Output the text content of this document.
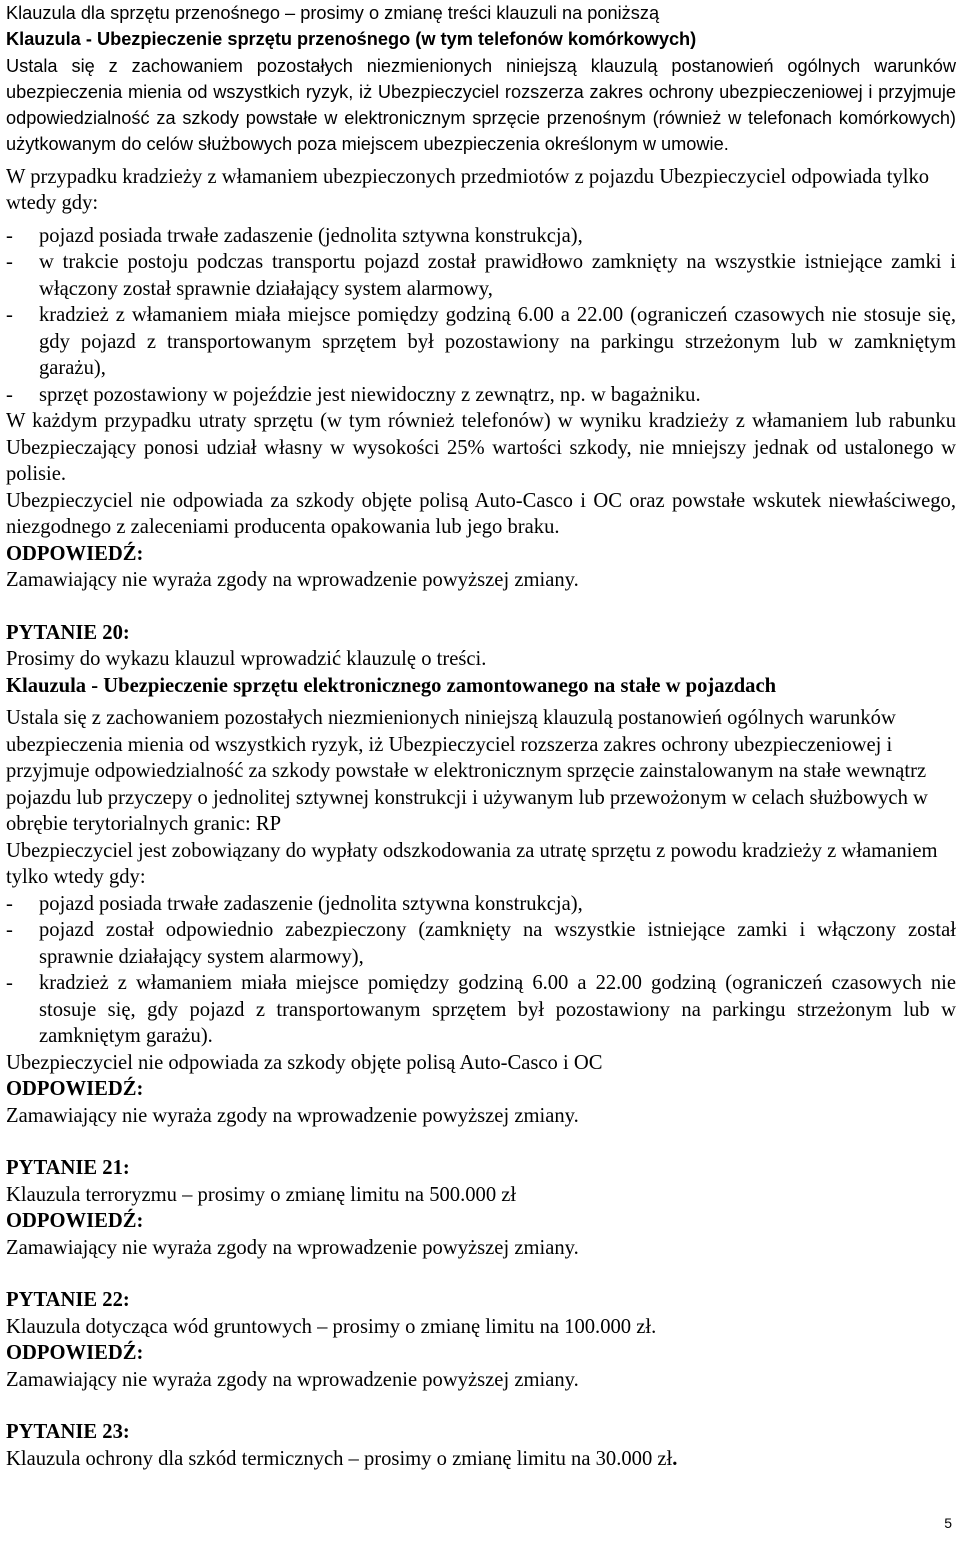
Klauzula dla sprzętu przenośnego – prosimy o zmianę treści klauzuli na poniższą

Klauzula - Ubezpieczenie sprzętu przenośnego (w tym telefonów komórkowych)

Ustala się z zachowaniem pozostałych niezmienionych niniejszą klauzulą postanowień ogólnych warunków ubezpieczenia mienia od wszystkich ryzyk, iż Ubezpieczyciel rozszerza zakres ochrony ubezpieczeniowej i przyjmuje odpowiedzialność za szkody powstałe w elektronicznym sprzęcie przenośnym (również w telefonach komórkowych) użytkowanym do celów służbowych poza miejscem ubezpieczenia określonym w umowie.

W przypadku kradzieży z włamaniem ubezpieczonych przedmiotów z pojazdu Ubezpieczyciel odpowiada tylko wtedy gdy:

- pojazd posiada trwałe zadaszenie (jednolita sztywna konstrukcja),

- w trakcie postoju podczas transportu pojazd został prawidłowo zamknięty na wszystkie istniejące zamki i włączony został sprawnie działający system alarmowy,

- kradzież z włamaniem miała miejsce pomiędzy godziną 6.00 a 22.00 (ograniczeń czasowych nie stosuje się, gdy pojazd z transportowanym sprzętem był pozostawiony na parkingu strzeżonym lub w zamkniętym garażu),

- sprzęt pozostawiony w pojeździe jest niewidoczny z zewnątrz, np. w bagażniku.

W każdym przypadku utraty sprzętu (w tym również telefonów) w wyniku kradzieży z włamaniem lub rabunku Ubezpieczający ponosi udział własny w wysokości 25% wartości szkody, nie mniejszy jednak od ustalonego w polisie.

Ubezpieczyciel nie odpowiada za szkody objęte polisą Auto-Casco i OC oraz powstałe wskutek niewłaściwego, niezgodnego z zaleceniami producenta opakowania lub jego braku.

ODPOWIEDŹ:

Zamawiający nie wyraża zgody na wprowadzenie powyższej zmiany.

PYTANIE 20:

Prosimy do wykazu klauzul wprowadzić klauzulę o treści.

Klauzula - Ubezpieczenie sprzętu elektronicznego zamontowanego na stałe w pojazdach

Ustala się z zachowaniem pozostałych niezmienionych niniejszą klauzulą postanowień ogólnych warunków ubezpieczenia mienia od wszystkich ryzyk, iż Ubezpieczyciel rozszerza zakres ochrony ubezpieczeniowej i przyjmuje odpowiedzialność za szkody powstałe w elektronicznym sprzęcie zainstalowanym na stałe wewnątrz pojazdu lub przyczepy o jednolitej sztywnej konstrukcji i używanym lub przewożonym w celach służbowych w obrębie terytorialnych granic: RP

Ubezpieczyciel jest zobowiązany do wypłaty odszkodowania za utratę sprzętu z powodu kradzieży z włamaniem tylko wtedy gdy:

- pojazd posiada trwałe zadaszenie (jednolita sztywna konstrukcja),

- pojazd został odpowiednio zabezpieczony (zamknięty na wszystkie istniejące zamki i włączony został sprawnie działający system alarmowy),

- kradzież z włamaniem miała miejsce pomiędzy godziną 6.00 a 22.00 godziną (ograniczeń czasowych nie stosuje się, gdy pojazd z transportowanym sprzętem był pozostawiony na parkingu strzeżonym lub w zamkniętym garażu).

Ubezpieczyciel nie odpowiada za szkody objęte polisą Auto-Casco i OC

ODPOWIEDŹ:

Zamawiający nie wyraża zgody na wprowadzenie powyższej zmiany.

PYTANIE 21:

Klauzula terroryzmu – prosimy o zmianę limitu na 500.000 zł

ODPOWIEDŹ:

Zamawiający nie wyraża zgody na wprowadzenie powyższej zmiany.

PYTANIE 22:

Klauzula dotycząca wód gruntowych – prosimy o zmianę limitu na 100.000 zł.

ODPOWIEDŹ:

Zamawiający nie wyraża zgody na wprowadzenie powyższej zmiany.

PYTANIE 23:

Klauzula ochrony dla szkód termicznych – prosimy o zmianę limitu na 30.000 zł.

5
